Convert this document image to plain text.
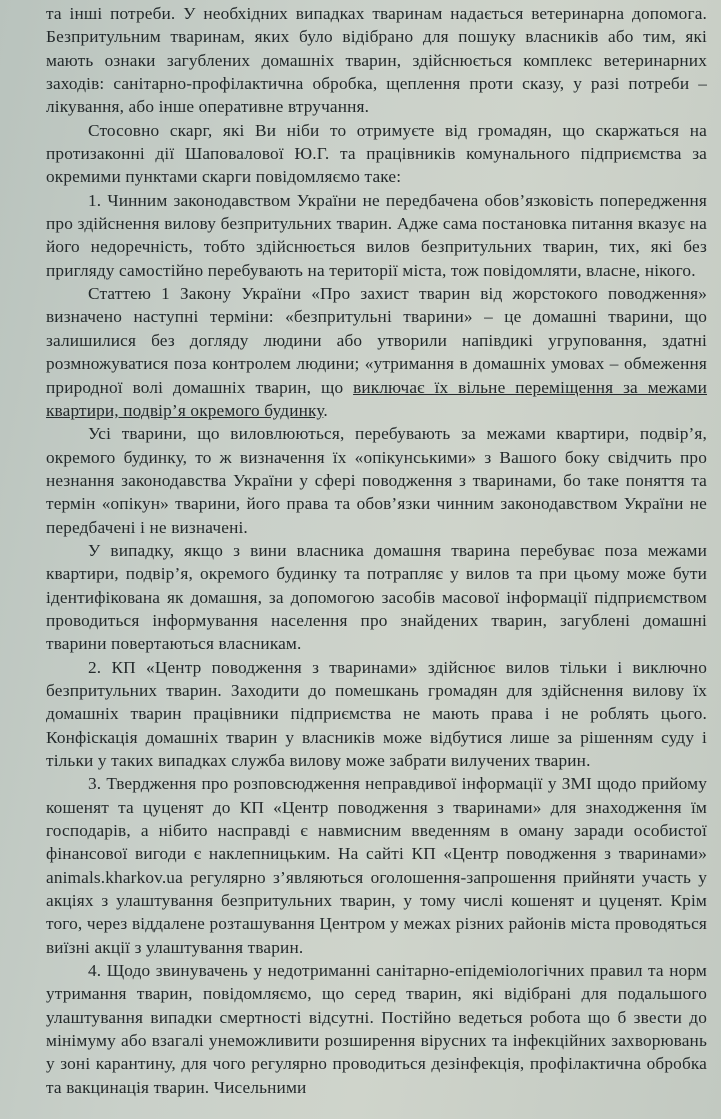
та інші потреби. У необхідних випадках тваринам надається ветеринарна допомога. Безпритульним тваринам, яких було відібрано для пошуку власників або тим, які мають ознаки загублених домашніх тварин, здійснюється комплекс ветеринарних заходів: санітарно-профілактична обробка, щеплення проти сказу, у разі потреби – лікування, або інше оперативне втручання.

Стосовно скарг, які Ви ніби то отримуєте від громадян, що скаржаться на протизаконні дії Шаповалової Ю.Г. та працівників комунального підприємства за окремими пунктами скарги повідомляємо таке:

1. Чинним законодавством України не передбачена обов’язковість попередження про здійснення вилову безпритульних тварин. Адже сама постановка питання вказує на його недоречність, тобто здійснюється вилов безпритульних тварин, тих, які без пригляду самостійно перебувають на території міста, тож повідомляти, власне, нікого.

Статтею 1 Закону України «Про захист тварин від жорстокого поводження» визначено наступні терміни: «безпритульні тварини» – це домашні тварини, що залишилися без догляду людини або утворили напівдикі угруповання, здатні розмножуватися поза контролем людини; «утримання в домашніх умовах – обмеження природної волі домашніх тварин, що виключає їх вільне переміщення за межами квартири, подвір’я окремого будинку.

Усі тварини, що виловлюються, перебувають за межами квартири, подвір’я, окремого будинку, то ж визначення їх «опікунськими» з Вашого боку свідчить про незнання законодавства України у сфері поводження з тваринами, бо таке поняття та термін «опікун» тварини, його права та обов’язки чинним законодавством України не передбачені і не визначені.

У випадку, якщо з вини власника домашня тварина перебуває поза межами квартири, подвір’я, окремого будинку та потрапляє у вилов та при цьому може бути ідентифікована як домашня, за допомогою засобів масової інформації підприємством проводиться інформування населення про знайдених тварин, загублені домашні тварини повертаються власникам.

2. КП «Центр поводження з тваринами» здійснює вилов тільки і виключно безпритульних тварин. Заходити до помешкань громадян для здійснення вилову їх домашніх тварин працівники підприємства не мають права і не роблять цього. Конфіскація домашніх тварин у власників може відбутися лише за рішенням суду і тільки у таких випадках служба вилову може забрати вилучених тварин.

3. Твердження про розповсюдження неправдивої інформації у ЗМІ щодо прийому кошенят та цуценят до КП «Центр поводження з тваринами» для знаходження їм господарів, а нібито насправді є навмисним введенням в оману заради особистої фінансової вигоди є наклепницьким. На сайті КП «Центр поводження з тваринами» animals.kharkov.ua регулярно з’являються оголошення-запрошення прийняти участь у акціях з улаштування безпритульних тварин, у тому числі кошенят и цуценят. Крім того, через віддалене розташування Центром у межах різних районів міста проводяться виїзні акції з улаштування тварин.

4. Щодо звинувачень у недотриманні санітарно-епідеміологічних правил та норм утримання тварин, повідомляємо, що серед тварин, які відібрані для подальшого улаштування випадки смертності відсутні. Постійно ведеться робота що б звести до мінімуму або взагалі унеможливити розширення вірусних та інфекційних захворювань у зоні карантину, для чого регулярно проводиться дезінфекція, профілактична обробка та вакцинація тварин. Чисельними
